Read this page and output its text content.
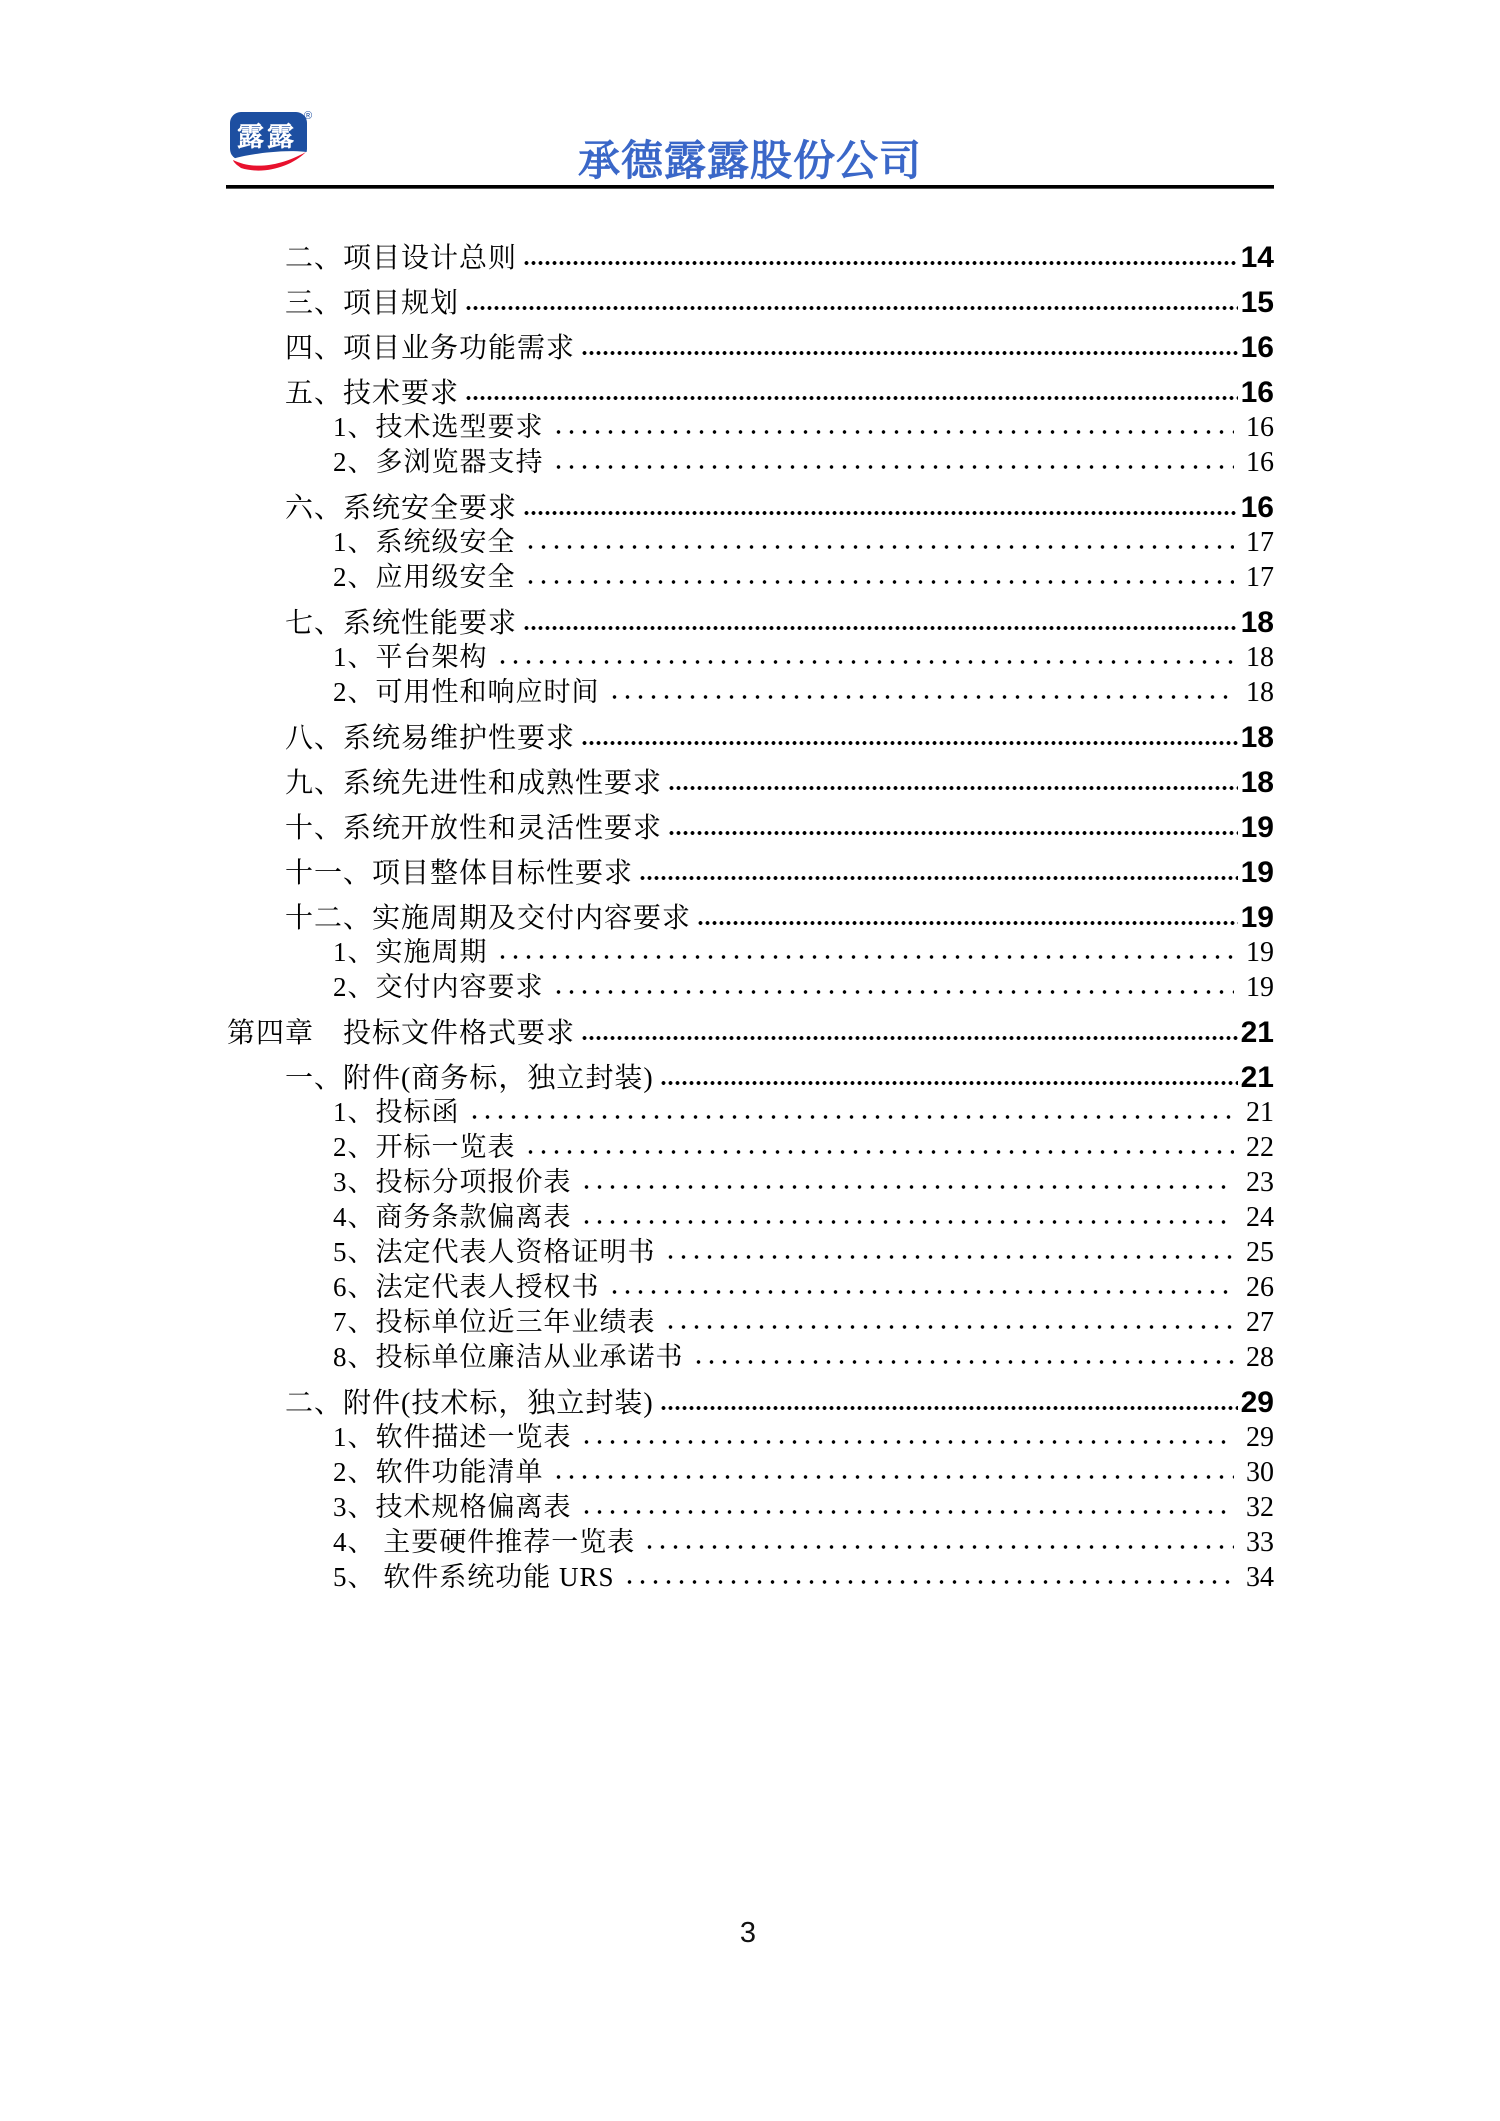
露露
®
承德露露股份公司
二、项目设计总则	14
三、项目规划	15
四、项目业务功能需求	16
五、技术要求	16
1、技术选型要求	16
2、多浏览器支持	16
六、系统安全要求	16
1、系统级安全	17
2、应用级安全	17
七、系统性能要求	18
1、平台架构	18
2、可用性和响应时间	18
八、系统易维护性要求	18
九、系统先进性和成熟性要求	18
十、系统开放性和灵活性要求	19
十一、项目整体目标性要求	19
十二、实施周期及交付内容要求	19
1、实施周期	19
2、交付内容要求	19
第四章　投标文件格式要求	21
一、附件(商务标，独立封装)	21
1、投标函	21
2、开标一览表	22
3、投标分项报价表	23
4、商务条款偏离表	24
5、法定代表人资格证明书	25
6、法定代表人授权书	26
7、投标单位近三年业绩表	27
8、投标单位廉洁从业承诺书	28
二、附件(技术标，独立封装)	29
1、软件描述一览表	29
2、软件功能清单	30
3、技术规格偏离表	32
4、 主要硬件推荐一览表	33
5、 软件系统功能 URS	34
3
